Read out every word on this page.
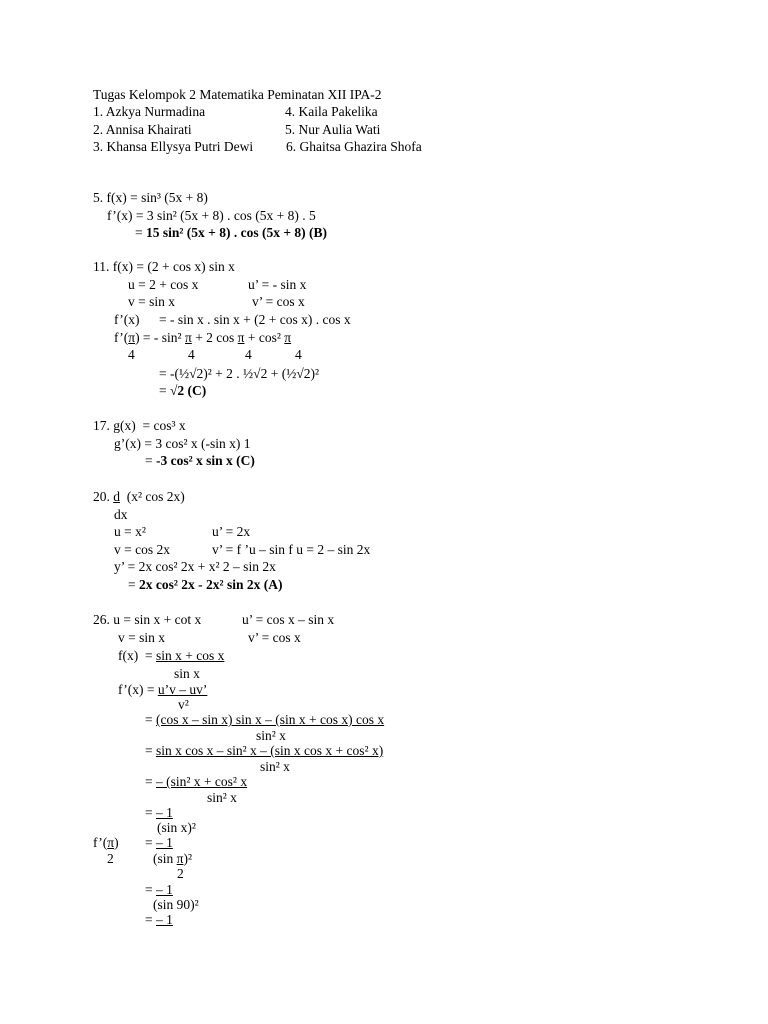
Tugas Kelompok 2 Matematika Peminatan XII IPA-2
1. Azkya Nurmadina	4. Kaila Pakelika
2. Annisa Khairati	5. Nur Aulia Wati
3. Khansa Ellysya Putri Dewi 6. Ghaitsa Ghazira Shofa
5. f(x) = sin³ (5x + 8)
f’(x) = 3 sin² (5x + 8) . cos (5x + 8) . 5
= 15 sin² (5x + 8) . cos (5x + 8) (B)
11. f(x) = (2 + cos x) sin x
u = 2 + cos x	u’ = - sin x
v = sin x	v’ = cos x
f’(x) = - sin x . sin x + (2 + cos x) . cos x
f’(π) = - sin² π + 2 cos π + cos² π
4	4	4	4
= -(½√2)² + 2 . ½√2 + (½√2)²
= √2 (C)
17. g(x)  = cos³ x
g’(x) = 3 cos² x (-sin x) 1
= -3 cos² x sin x (C)
20. d  (x² cos 2x)
dx
u = x²	u’ = 2x
v = cos 2x	v’ = f ’u – sin f u = 2 – sin 2x
y’ = 2x cos² 2x + x² 2 – sin 2x
= 2x cos² 2x - 2x² sin 2x (A)
26. u = sin x + cot x	u’ = cos x – sin x
v = sin x	v’ = cos x
f(x)  = sin x + cos x
sin x
f’(x) = u’v – uv’
v²
= (cos x – sin x) sin x – (sin x + cos x) cos x
sin² x
= sin x cos x – sin² x – (sin x cos x + cos² x)
sin² x
= – (sin² x + cos² x
sin² x
= – 1
(sin x)²
f’(π) = – 1
2	(sin π)²
2
= – 1
(sin 90)²
= – 1
